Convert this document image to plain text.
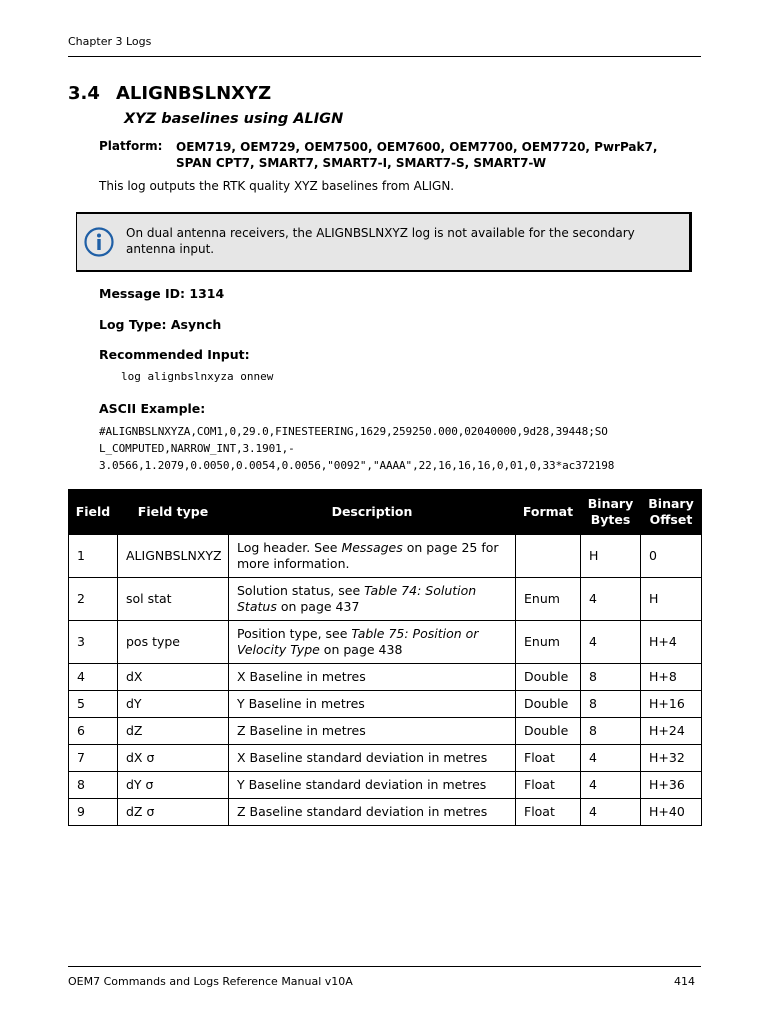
Chapter 3 Logs
3.4 ALIGNBSLNXYZ
XYZ baselines using ALIGN
Platform: OEM719, OEM729, OEM7500, OEM7600, OEM7700, OEM7720, PwrPak7,
SPAN CPT7, SMART7, SMART7-I, SMART7-S, SMART7-W
This log outputs the RTK quality XYZ baselines from ALIGN.
On dual antenna receivers, the ALIGNBSLNXYZ log is not available for the secondary antenna input.
Message ID: 1314
Log Type: Asynch
Recommended Input:
log alignbslnxyza onnew
ASCII Example:
#ALIGNBSLNXYZA,COM1,0,29.0,FINESTEERING,1629,259250.000,02040000,9d28,39448;SO
L_COMPUTED,NARROW_INT,3.1901,-
3.0566,1.2079,0.0050,0.0054,0.0056,"0092","AAAA",22,16,16,16,0,01,0,33*ac372198
Field	Field type	Description	Format	Binary Bytes	Binary Offset
1	ALIGNBSLNXYZ	Log header. See Messages on page 25 for more information.		H	0
2	sol stat	Solution status, see Table 74: Solution Status on page 437	Enum	4	H
3	pos type	Position type, see Table 75: Position or Velocity Type on page 438	Enum	4	H+4
4	dX	X Baseline in metres	Double	8	H+8
5	dY	Y Baseline in metres	Double	8	H+16
6	dZ	Z Baseline in metres	Double	8	H+24
7	dX σ	X Baseline standard deviation in metres	Float	4	H+32
8	dY σ	Y Baseline standard deviation in metres	Float	4	H+36
9	dZ σ	Z Baseline standard deviation in metres	Float	4	H+40
OEM7 Commands and Logs Reference Manual v10A	414
